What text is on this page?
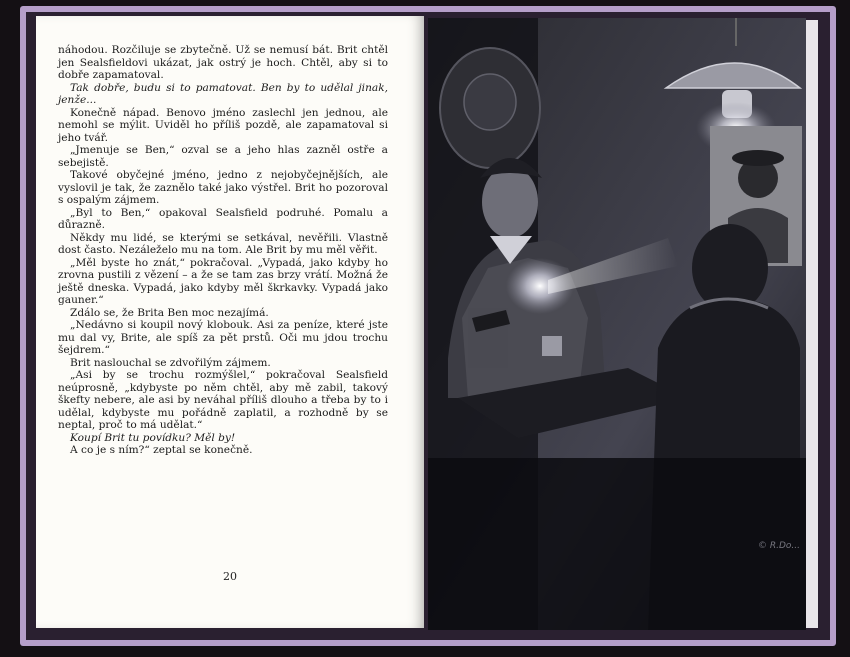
náhodou. Rozčiluje se zbytečně. Už se nemusí bát. Brit chtěl jen Sealsfieldovi ukázat, jak ostrý je hoch. Chtěl, aby si to dobře zapamatoval.

Tak dobře, budu si to pamatovat. Ben by to udělal jinak, jenže...

Konečně nápad. Benovo jméno zaslechl jen jednou, ale nemohl se mýlit. Uviděl ho příliš pozdě, ale zapamatoval si jeho tvář.

„Jmenuje se Ben,“ ozval se a jeho hlas zazněl ostře a sebejistě.

Takové obyčejné jméno, jedno z nejobyčejnějších, ale vyslovil je tak, že zaznělo také jako výstřel. Brit ho pozoroval s ospalým zájmem.

„Byl to Ben,“ opakoval Sealsfield podruhé. Pomalu a důrazně.

Někdy mu lidé, se kterými se setkával, nevěřili. Vlastně dost často. Nezáleželo mu na tom. Ale Brit by mu měl věřit.

„Měl byste ho znát,“ pokračoval. „Vypadá, jako kdyby ho zrovna pustili z vězení – a že se tam zas brzy vrátí. Možná že ještě dneska. Vypadá, jako kdyby měl škrkavky. Vypadá jako gauner.“

Zdálo se, že Brita Ben moc nezajímá.

„Nedávno si koupil nový klobouk. Asi za peníze, které jste mu dal vy, Brite, ale spíš za pět prstů. Oči mu jdou trochu šejdrem.“

Brit naslouchal se zdvořilým zájmem.

„Asi by se trochu rozmýšlel,“ pokračoval Sealsfield neúprosně, „kdybyste po něm chtěl, aby mě zabil, takový škefty nebere, ale asi by neváhal příliš dlouho a třeba by to i udělal, kdybyste mu pořádně zaplatil, a rozhodně by se neptal, proč to má udělat.“

Koupí Brit tu povídku? Měl by!

A co je s ním?“ zeptal se konečně.

20
© R.Do...
